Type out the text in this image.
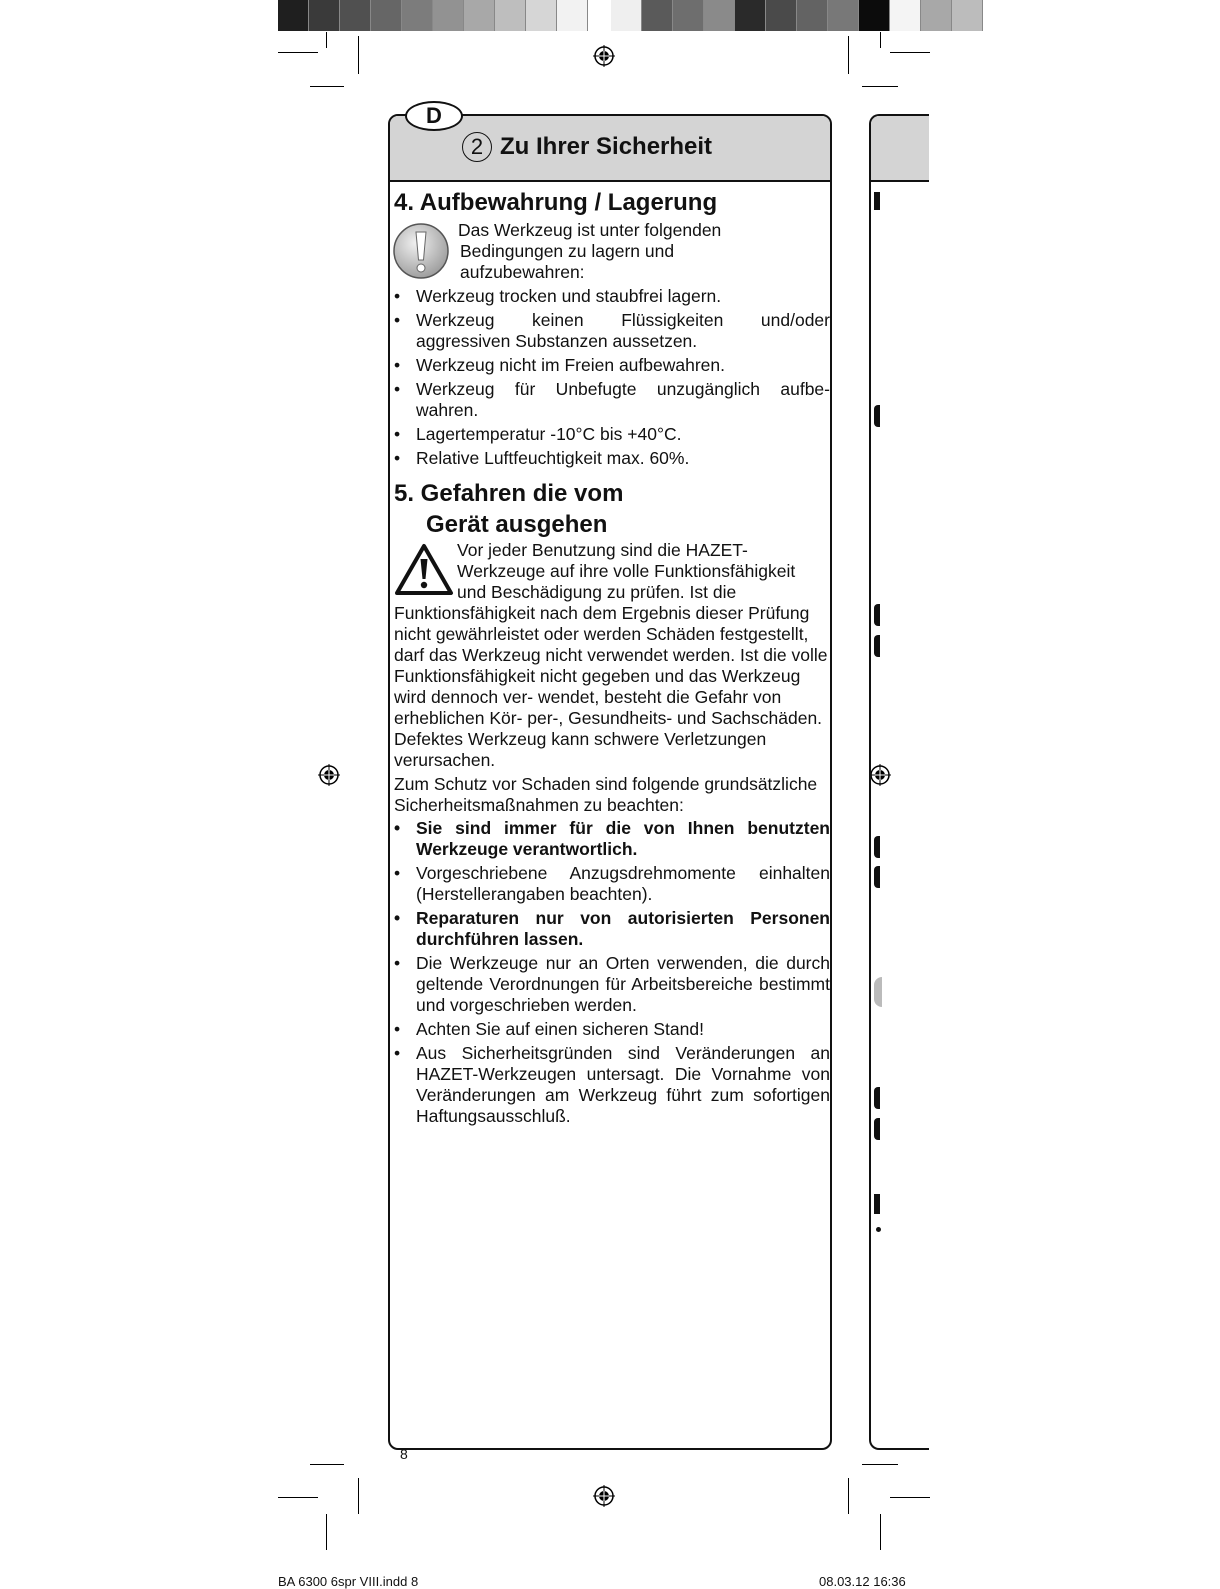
D
2 Zu Ihrer Sicherheit
4. Aufbewahrung / Lagerung
Das Werkzeug ist unter folgenden
Bedingungen zu lagern und
aufzubewahren:
• Werkzeug trocken und staubfrei lagern.
• Werkzeug keinen Flüssigkeiten und/oder aggressiven Substanzen aussetzen.
• Werkzeug nicht im Freien aufbewahren.
• Werkzeug für Unbefugte unzugänglich aufbe- wahren.
• Lagertemperatur -10°C bis +40°C.
• Relative Luftfeuchtigkeit max. 60%.
5. Gefahren die vom
Gerät ausgehen
Vor jeder Benutzung sind die HAZET-
Werkzeuge auf ihre volle Funktionsfähigkeit
und Beschädigung zu prüfen. Ist die

Funktionsfähigkeit nach dem Ergebnis dieser Prüfung nicht gewährleistet oder werden Schäden festgestellt, darf das Werkzeug nicht verwendet werden. Ist die volle Funktionsfähigkeit nicht gegeben und das Werkzeug wird dennoch ver- wendet, besteht die Gefahr von erheblichen Kör- per-, Gesundheits- und Sachschäden. Defektes Werkzeug kann schwere Verletzungen verursachen.

Zum Schutz vor Schaden sind folgende grundsätzliche Sicherheitsmaßnahmen zu beachten:

• Sie sind immer für die von Ihnen benutzten Werkzeuge verantwortlich.
• Vorgeschriebene Anzugsdrehmomente einhalten (Herstellerangaben beachten).
• Reparaturen nur von autorisierten Personen durchführen lassen.
• Die Werkzeuge nur an Orten verwenden, die durch geltende Verordnungen für Arbeitsbereiche bestimmt und vorgeschrieben werden.
• Achten Sie auf einen sicheren Stand!
• Aus Sicherheitsgründen sind Veränderungen an HAZET-Werkzeugen untersagt. Die Vornahme von Veränderungen am Werkzeug führt zum sofortigen Haftungsausschluß.
8
BA 6300 6spr VIII.indd 8	08.03.12 16:36
